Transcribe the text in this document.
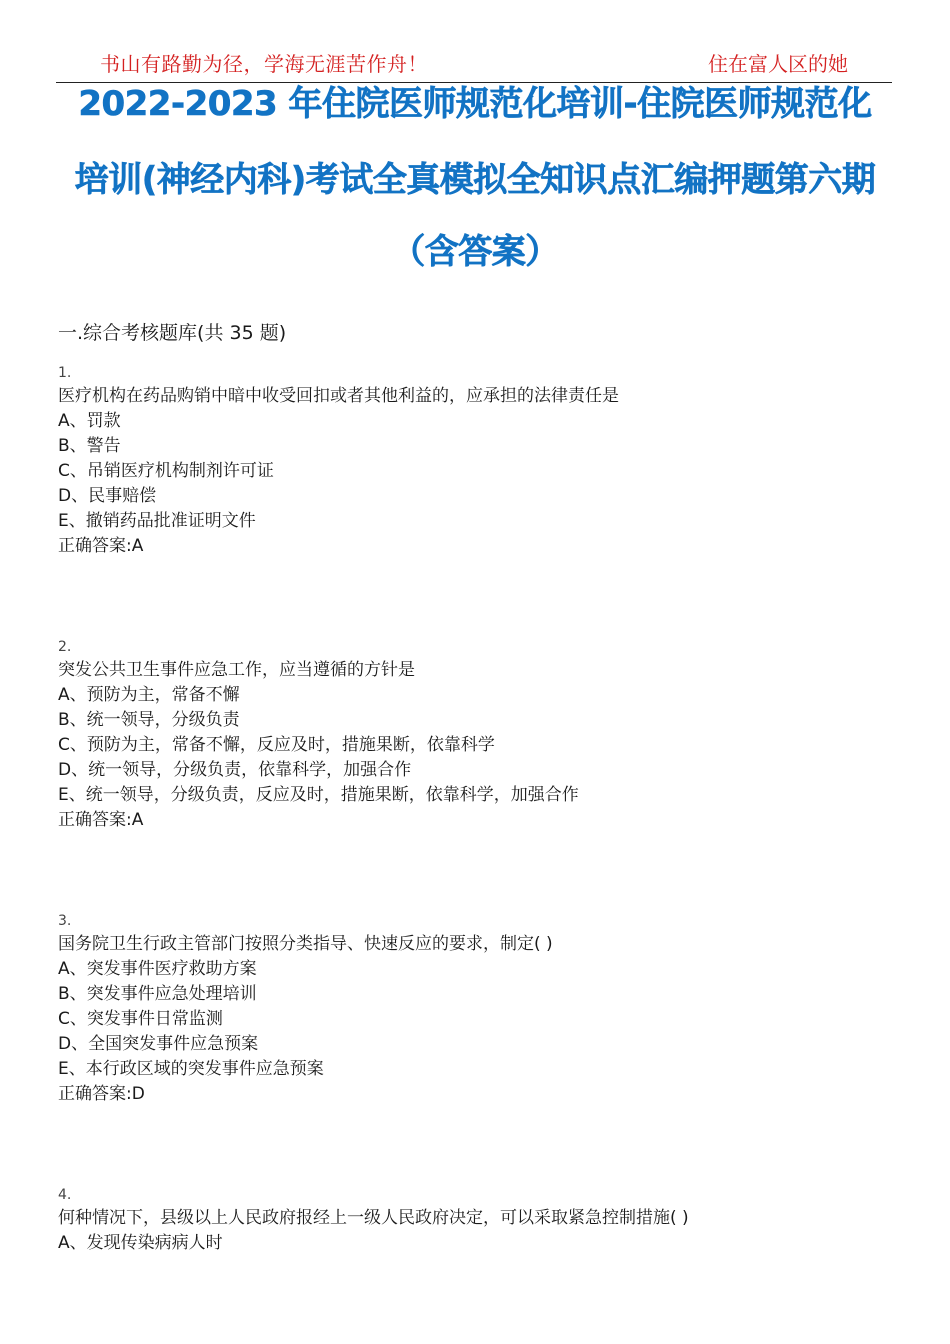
书山有路勤为径，学海无涯苦作舟！	住在富人区的她
2022-2023 年住院医师规范化培训-住院医师规范化
培训(神经内科)考试全真模拟全知识点汇编押题第六期
（含答案）
一.综合考核题库(共 35 题)
1.
医疗机构在药品购销中暗中收受回扣或者其他利益的，应承担的法律责任是
A、罚款
B、警告
C、吊销医疗机构制剂许可证
D、民事赔偿
E、撤销药品批准证明文件
正确答案:A
2.
突发公共卫生事件应急工作，应当遵循的方针是
A、预防为主，常备不懈
B、统一领导，分级负责
C、预防为主，常备不懈，反应及时，措施果断，依靠科学
D、统一领导，分级负责，依靠科学，加强合作
E、统一领导，分级负责，反应及时，措施果断，依靠科学，加强合作
正确答案:A
3.
国务院卫生行政主管部门按照分类指导、快速反应的要求，制定( )
A、突发事件医疗救助方案
B、突发事件应急处理培训
C、突发事件日常监测
D、全国突发事件应急预案
E、本行政区域的突发事件应急预案
正确答案:D
4.
何种情况下，县级以上人民政府报经上一级人民政府决定，可以采取紧急控制措施( )
A、发现传染病病人时
